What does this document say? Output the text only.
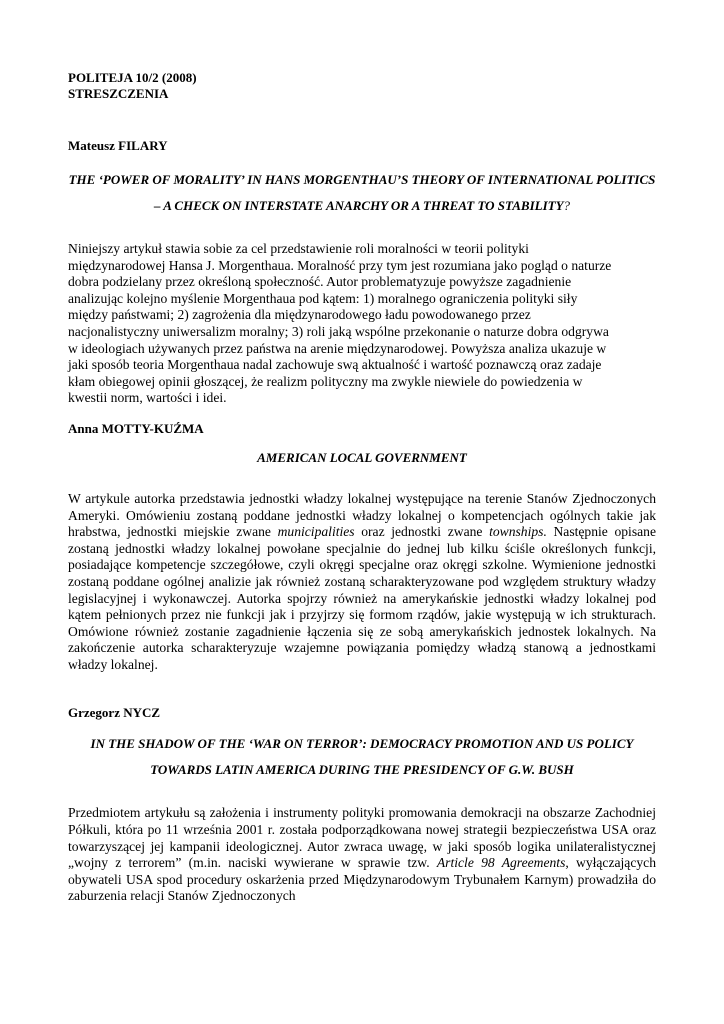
POLITEJA 10/2 (2008)

STRESZCZENIA

Mateusz FILARY

THE ‘POWER OF MORALITY’ IN HANS MORGENTHAU’S THEORY OF INTERNATIONAL POLITICS – A CHECK ON INTERSTATE ANARCHY OR A THREAT TO STABILITY?

Niniejszy artykuł stawia sobie za cel przedstawienie roli moralności w teorii polityki
międzynarodowej Hansa J. Morgenthaua. Moralność przy tym jest rozumiana jako pogląd o naturze
dobra podzielany przez określoną społeczność. Autor problematyzuje powyższe zagadnienie
analizując kolejno myślenie Morgenthaua pod kątem: 1) moralnego ograniczenia polityki siły
między państwami; 2) zagrożenia dla międzynarodowego ładu powodowanego przez
nacjonalistyczny uniwersalizm moralny; 3) roli jaką wspólne przekonanie o naturze dobra odgrywa
w ideologiach używanych przez państwa na arenie międzynarodowej. Powyższa analiza ukazuje w
jaki sposób teoria Morgenthaua nadal zachowuje swą aktualność i wartość poznawczą oraz zadaje
kłam obiegowej opinii głoszącej, że realizm polityczny ma zwykle niewiele do powiedzenia w
kwestii norm, wartości i idei.

Anna MOTTY-KUŹMA

AMERICAN LOCAL GOVERNMENT

W artykule autorka przedstawia jednostki władzy lokalnej występujące na terenie Stanów Zjednoczonych Ameryki. Omówieniu zostaną poddane jednostki władzy lokalnej o kompetencjach ogólnych takie jak hrabstwa, jednostki miejskie zwane municipalities oraz jednostki zwane townships. Następnie opisane zostaną jednostki władzy lokalnej powołane specjalnie do jednej lub kilku ściśle określonych funkcji, posiadające kompetencje szczegółowe, czyli okręgi specjalne oraz okręgi szkolne. Wymienione jednostki zostaną poddane ogólnej analizie jak również zostaną scharakteryzowane pod względem struktury władzy legislacyjnej i wykonawczej. Autorka spojrzy również na amerykańskie jednostki władzy lokalnej pod kątem pełnionych przez nie funkcji jak i przyjrzy się formom rządów, jakie występują w ich strukturach. Omówione również zostanie zagadnienie łączenia się ze sobą amerykańskich jednostek lokalnych. Na zakończenie autorka scharakteryzuje wzajemne powiązania pomiędzy władzą stanową a jednostkami władzy lokalnej.

Grzegorz NYCZ

IN THE SHADOW OF THE ‘WAR ON TERROR’: DEMOCRACY PROMOTION AND US POLICY TOWARDS LATIN AMERICA DURING THE PRESIDENCY OF G.W. BUSH

Przedmiotem artykułu są założenia i instrumenty polityki promowania demokracji na obszarze Zachodniej Półkuli, która po 11 września 2001 r. została podporządkowana nowej strategii bezpieczeństwa USA oraz towarzyszącej jej kampanii ideologicznej. Autor zwraca uwagę, w jaki sposób logika unilateralistycznej „wojny z terrorem” (m.in. naciski wywierane w sprawie tzw. Article 98 Agreements, wyłączających obywateli USA spod procedury oskarżenia przed Międzynarodowym Trybunałem Karnym) prowadziła do zaburzenia relacji Stanów Zjednoczonych
